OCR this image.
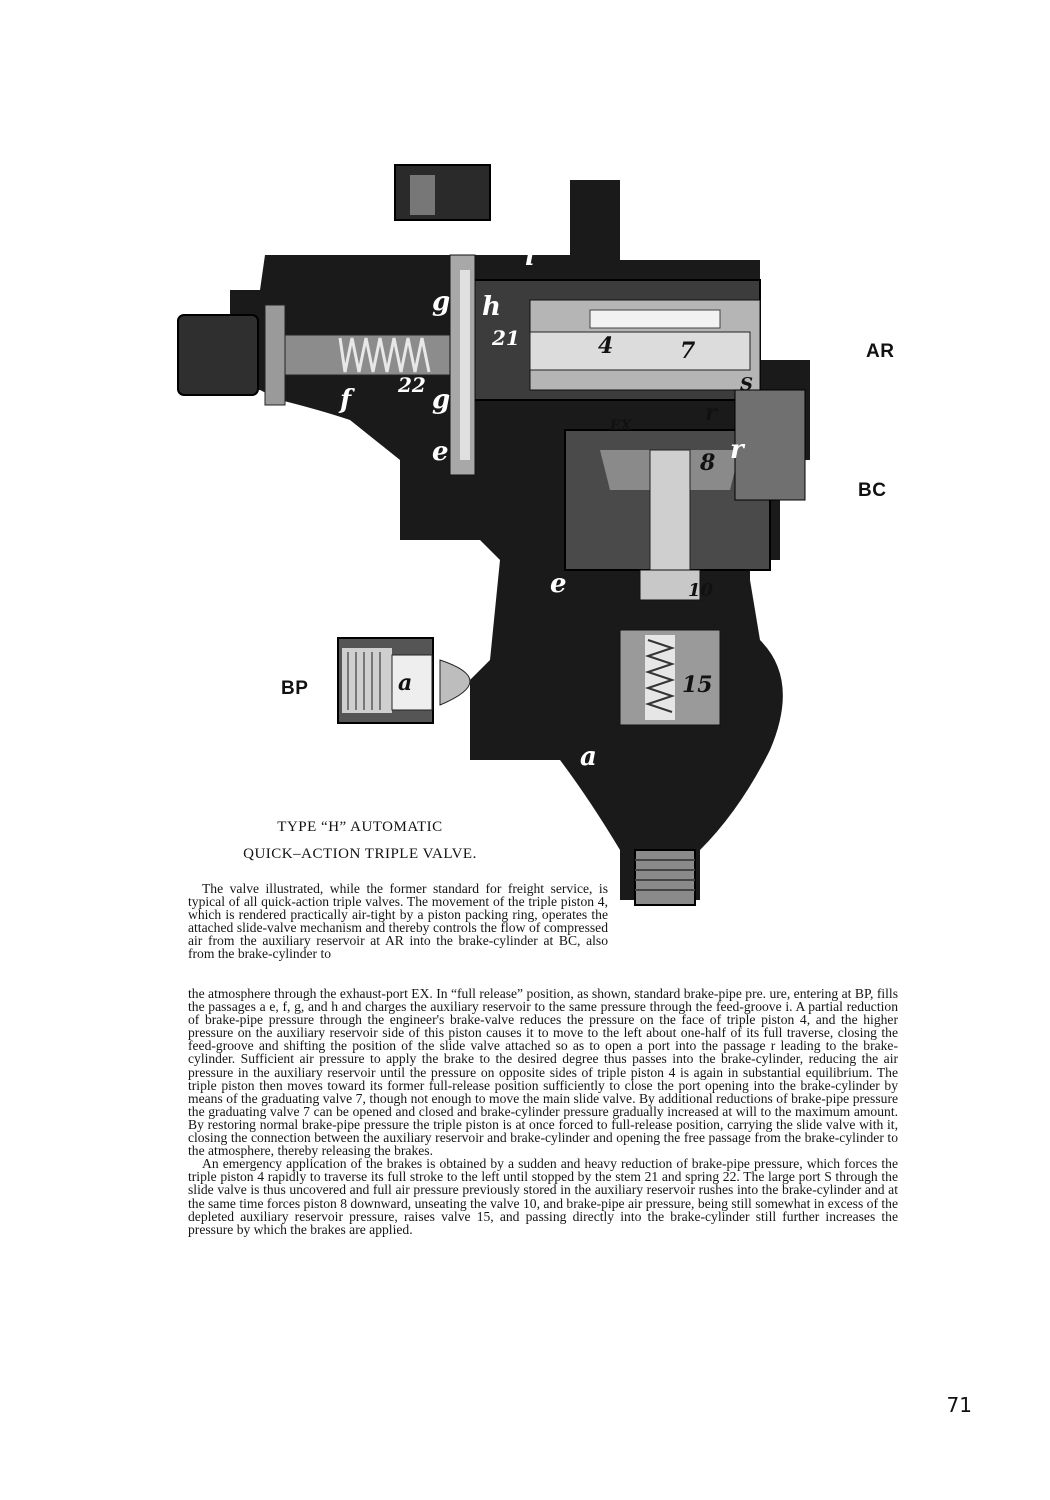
i
h
g
21
f 22 g
e
e
a
r
4	7
S
EX	r
8
10
15
a
AR
BC
BP
TYPE “H” AUTOMATIC
QUICK–ACTION TRIPLE VALVE.

The valve illustrated, while the former standard for freight service, is typical of all quick-action triple valves. The movement of the triple piston 4, which is rendered practically air-tight by a piston packing ring, operates the attached slide-valve mechanism and thereby controls the flow of compressed air from the auxiliary reservoir at AR into the brake-cylinder at BC, also from the brake-cylinder to

the atmosphere through the exhaust-port EX. In “full release” position, as shown, standard brake-pipe pre. ure, entering at BP, fills the passages a e, f, g, and h and charges the auxiliary reservoir to the same pressure through the feed-groove i. A partial reduction of brake-pipe pressure through the engineer's brake-valve reduces the pressure on the face of triple piston 4, and the higher pressure on the auxiliary reservoir side of this piston causes it to move to the left about one-half of its full traverse, closing the feed-groove and shifting the position of the slide valve attached so as to open a port into the passage r leading to the brake-cylinder. Sufficient air pressure to apply the brake to the desired degree thus passes into the brake-cylinder, reducing the air pressure in the auxiliary reservoir until the pressure on opposite sides of triple piston 4 is again in substantial equilibrium. The triple piston then moves toward its former full-release position sufficiently to close the port opening into the brake-cylinder by means of the graduating valve 7, though not enough to move the main slide valve. By additional reductions of brake-pipe pressure the graduating valve 7 can be opened and closed and brake-cylinder pressure gradually increased at will to the maximum amount. By restoring normal brake-pipe pressure the triple piston is at once forced to full-release position, carrying the slide valve with it, closing the connection between the auxiliary reservoir and brake-cylinder and opening the free passage from the brake-cylinder to the atmosphere, thereby releasing the brakes.

An emergency application of the brakes is obtained by a sudden and heavy reduction of brake-pipe pressure, which forces the triple piston 4 rapidly to traverse its full stroke to the left until stopped by the stem 21 and spring 22. The large port S through the slide valve is thus uncovered and full air pressure previously stored in the auxiliary reservoir rushes into the brake-cylinder and at the same time forces piston 8 downward, unseating the valve 10, and brake-pipe air pressure, being still somewhat in excess of the depleted auxiliary reservoir pressure, raises valve 15, and passing directly into the brake-cylinder still further increases the pressure by which the brakes are applied.

71
